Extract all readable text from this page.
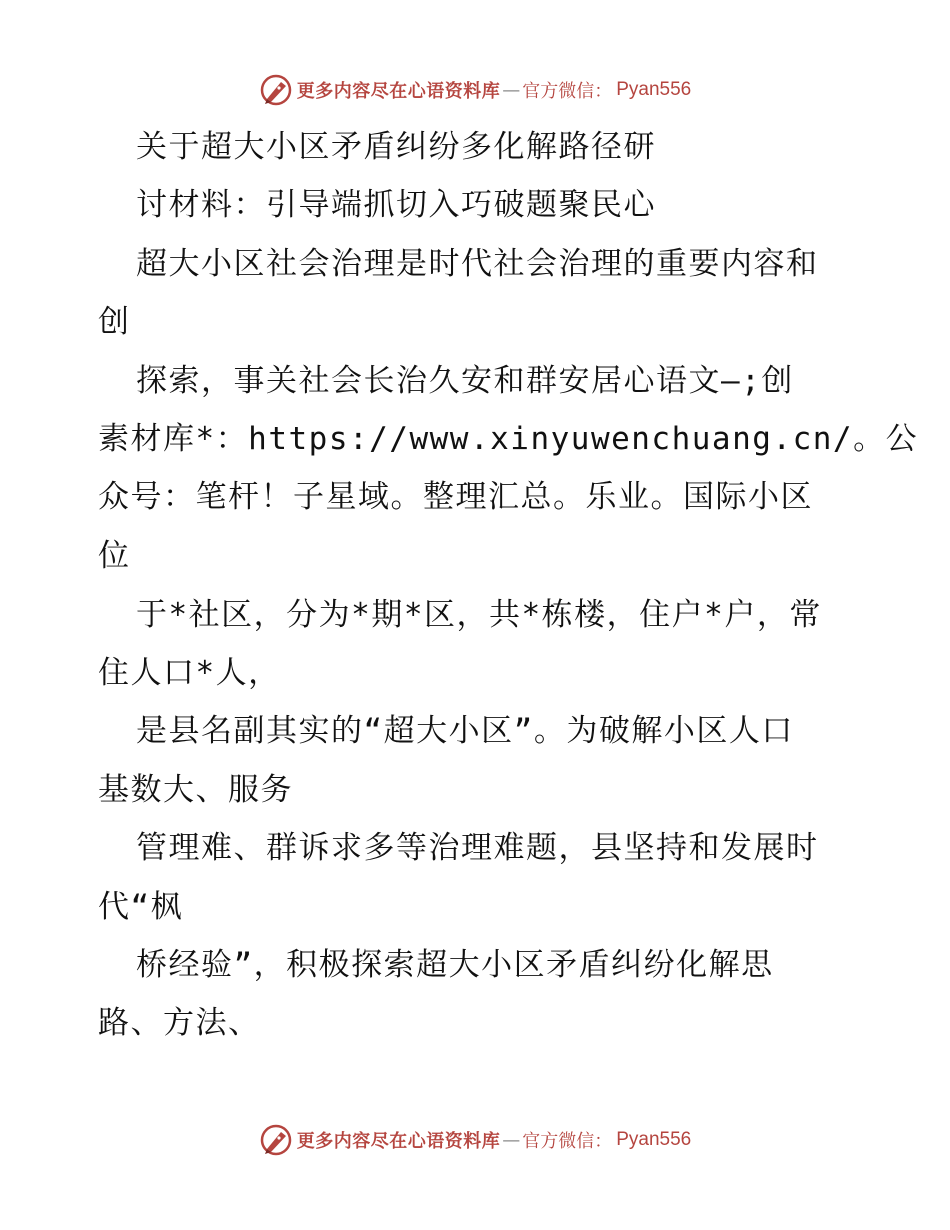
更多内容尽在心语资料库 — 官方微信 ： Pyan556
关于超大小区矛盾纠纷多化解路径研
讨材料：引导端抓切入巧破题聚民心
超大小区社会治理是时代社会治理的重要内容和
创
探索，事关社会长治久安和群安居心语文—;创
素材库*：https://www.xinyuwenchuang.cn/。公
众号：笔杆！子星域。整理汇总。乐业。国际小区
位
于*社区，分为*期*区，共*栋楼，住户*户，常
住人口*人，
是县名副其实的“超大小区”。为破解小区人口
基数大、服务
管理难、群诉求多等治理难题，县坚持和发展时
代“枫
桥经验”，积极探索超大小区矛盾纠纷化解思
路、方法、
更多内容尽在心语资料库 — 官方微信 ： Pyan556
